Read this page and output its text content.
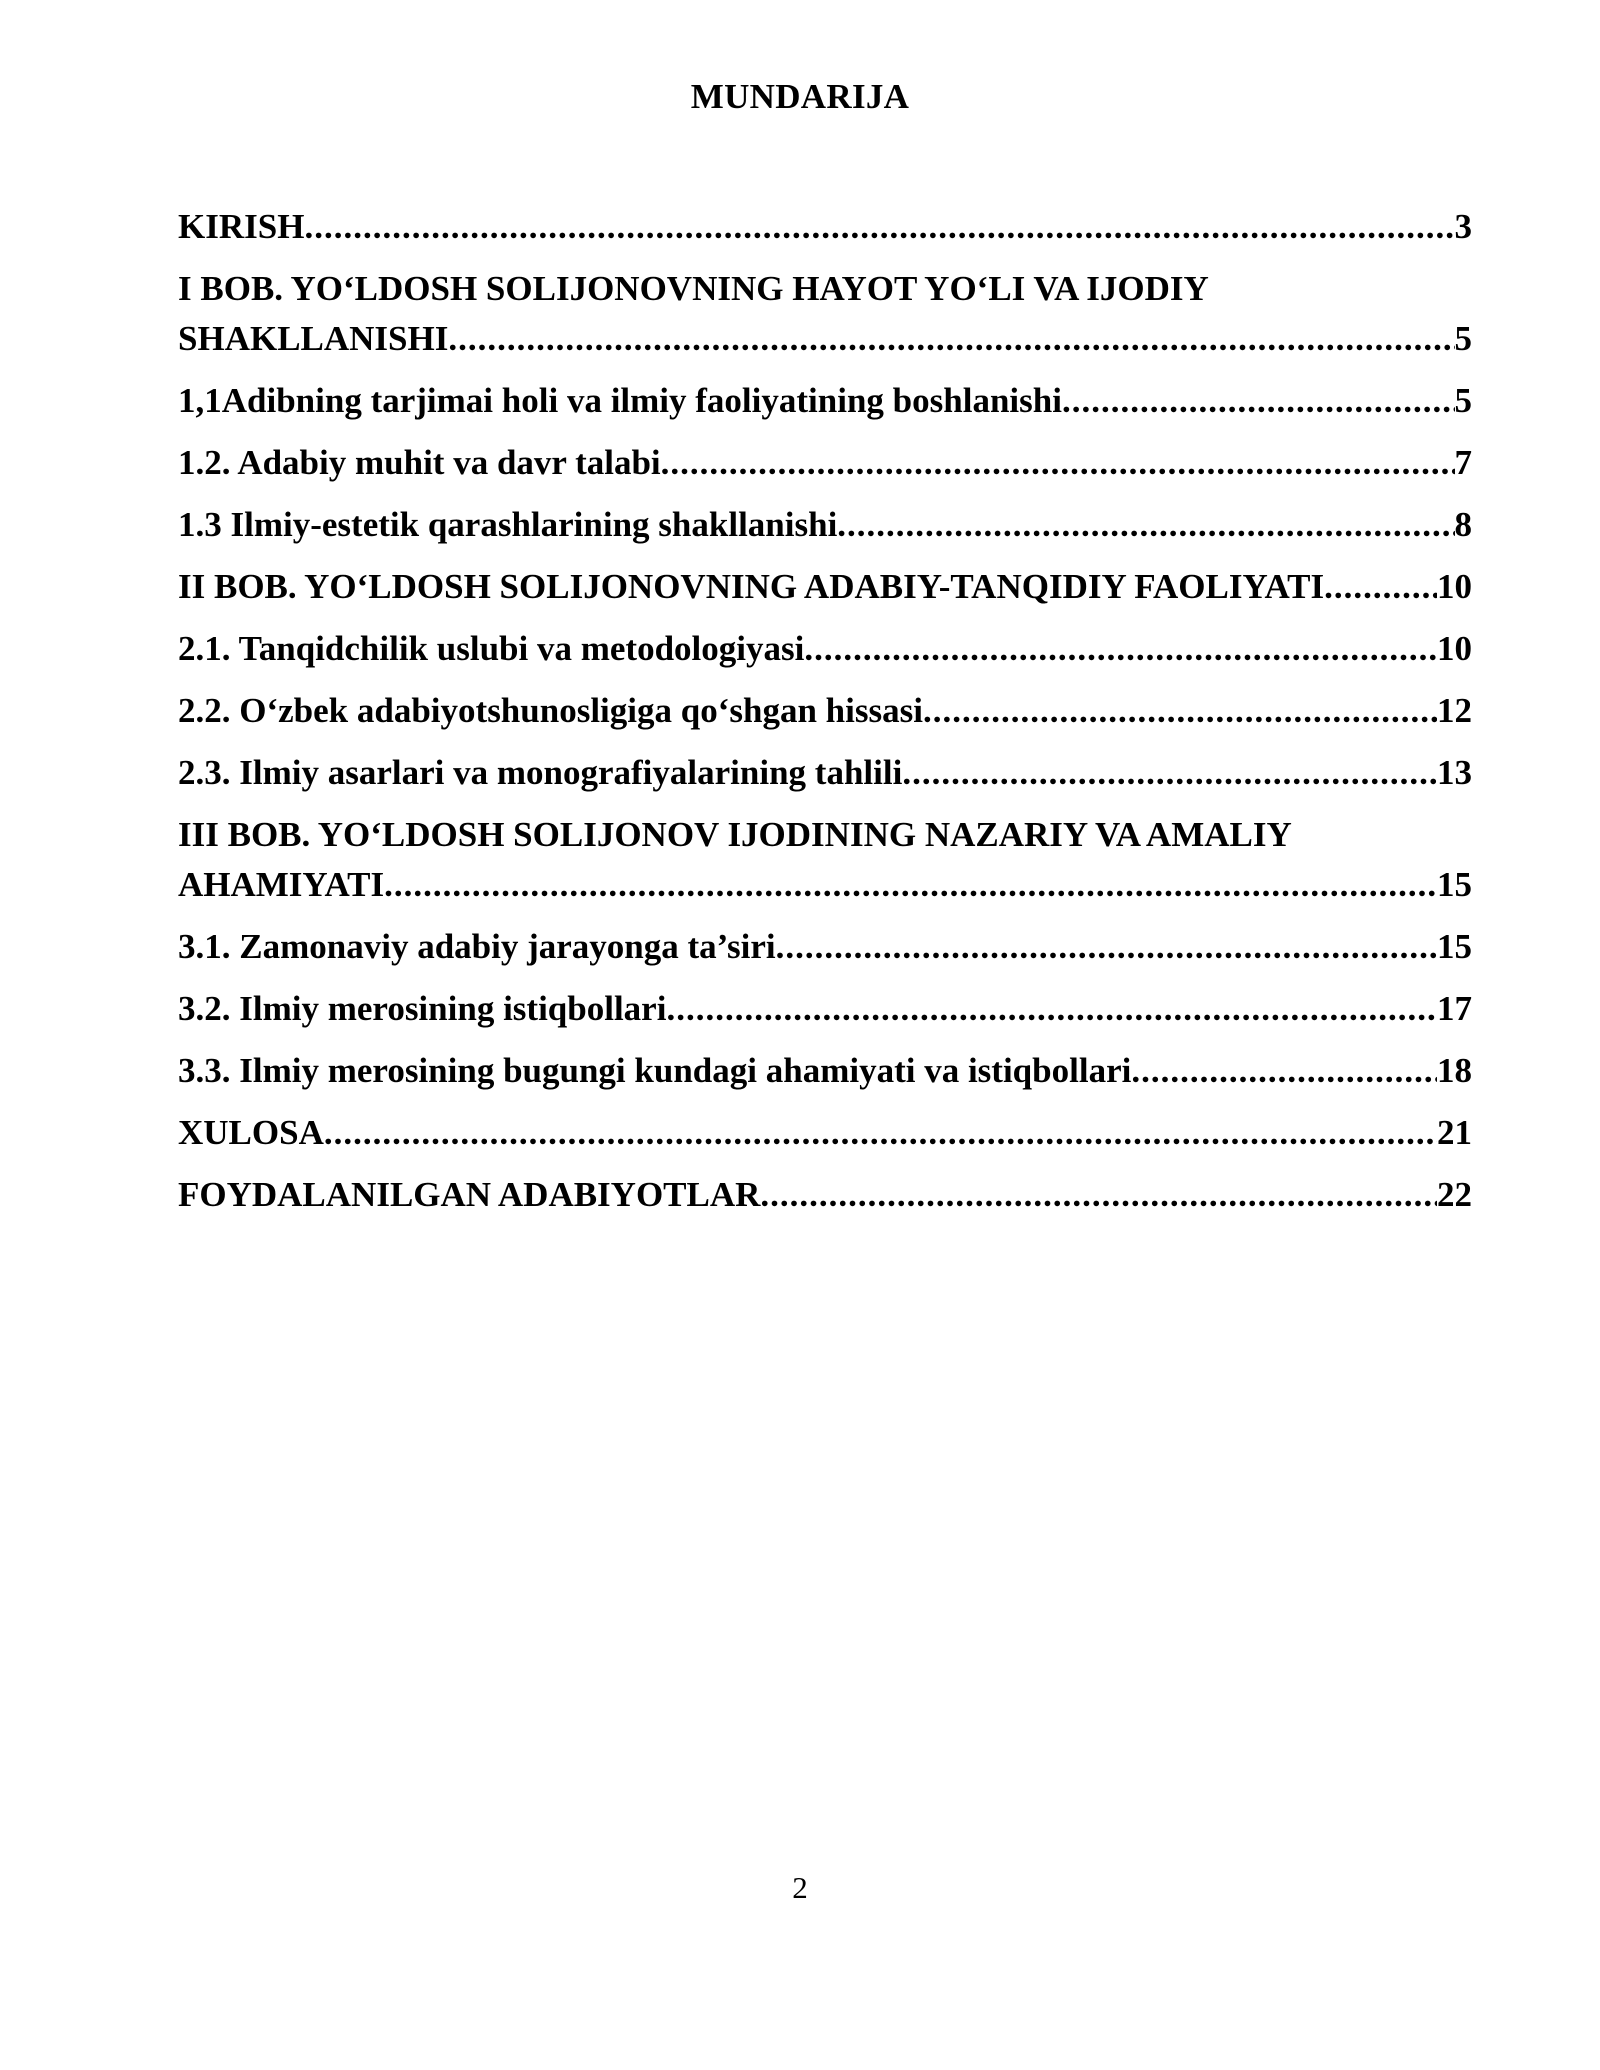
MUNDARIJA
KIRISH .....	3
I BOB. YO‘LDOSH SOLIJONOVNING HAYOT YO‘LI VA IJODIY
SHAKLLANISHI .....	5
1,1Adibning tarjimai holi va ilmiy faoliyatining boshlanishi .....	5
1.2. Adabiy muhit va davr talabi .....	7
1.3 Ilmiy-estetik qarashlarining shakllanishi .....	8
II BOB. YO‘LDOSH SOLIJONOVNING ADABIY-TANQIDIY FAOLIYATI .....	10
2.1. Tanqidchilik uslubi va metodologiyasi .....	10
2.2. O‘zbek adabiyotshunosligiga qo‘shgan hissasi .....	12
2.3. Ilmiy asarlari va monografiyalarining tahlili .....	13
III BOB. YO‘LDOSH SOLIJONOV IJODINING NAZARIY VA AMALIY
AHAMIYATI .....	15
3.1. Zamonaviy adabiy jarayonga ta’siri .....	15
3.2. Ilmiy merosining istiqbollari .....	17
3.3. Ilmiy merosining bugungi kundagi ahamiyati va istiqbollari .....	18
XULOSA .....	21
FOYDALANILGAN ADABIYOTLAR .....	22
2
